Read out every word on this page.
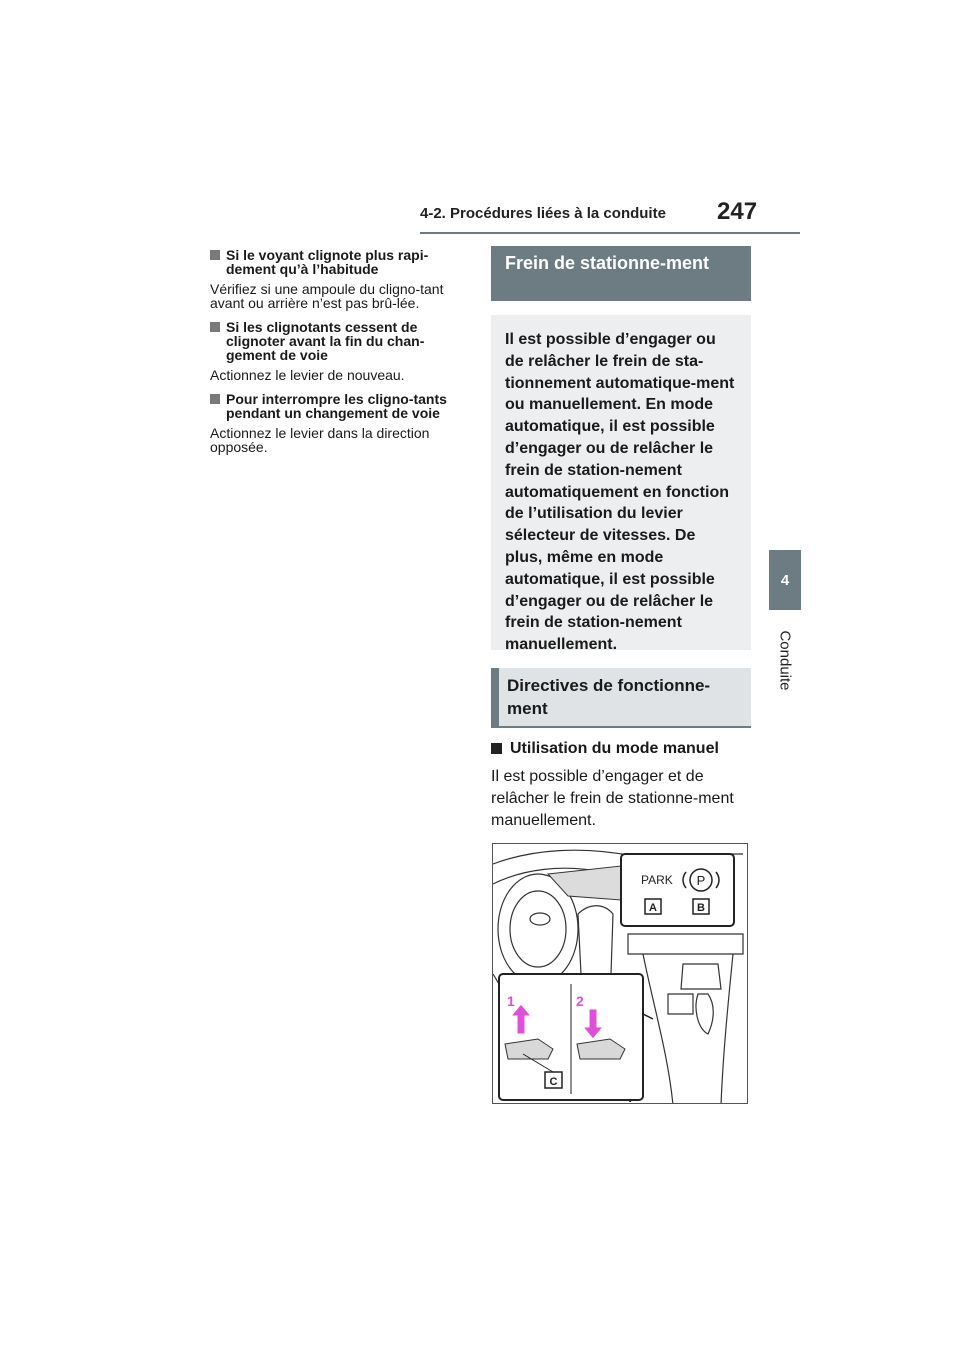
4-2. Procédures liées à la conduite 247
4
Conduite
Si le voyant clignote plus rapi-dement qu’à l’habitude

Vérifiez si une ampoule du cligno-tant avant ou arrière n’est pas brû-lée.

Si les clignotants cessent de clignoter avant la fin du chan-gement de voie

Actionnez le levier de nouveau.

Pour interrompre les cligno-tants pendant un changement de voie

Actionnez le levier dans la direction opposée.

Frein de stationne-ment
Il est possible d’engager ou de relâcher le frein de sta-tionnement automatique-ment ou manuellement. En mode automatique, il est possible d’engager ou de relâcher le frein de station-nement automatiquement en fonction de l’utilisation du levier sélecteur de vitesses. De plus, même en mode automatique, il est possible d’engager ou de relâcher le frein de station-nement manuellement.
Directives de fonctionne-ment
Utilisation du mode manuel
Il est possible d’engager et de relâcher le frein de stationne-ment manuellement.
PARK P
A	B
1	2
C
